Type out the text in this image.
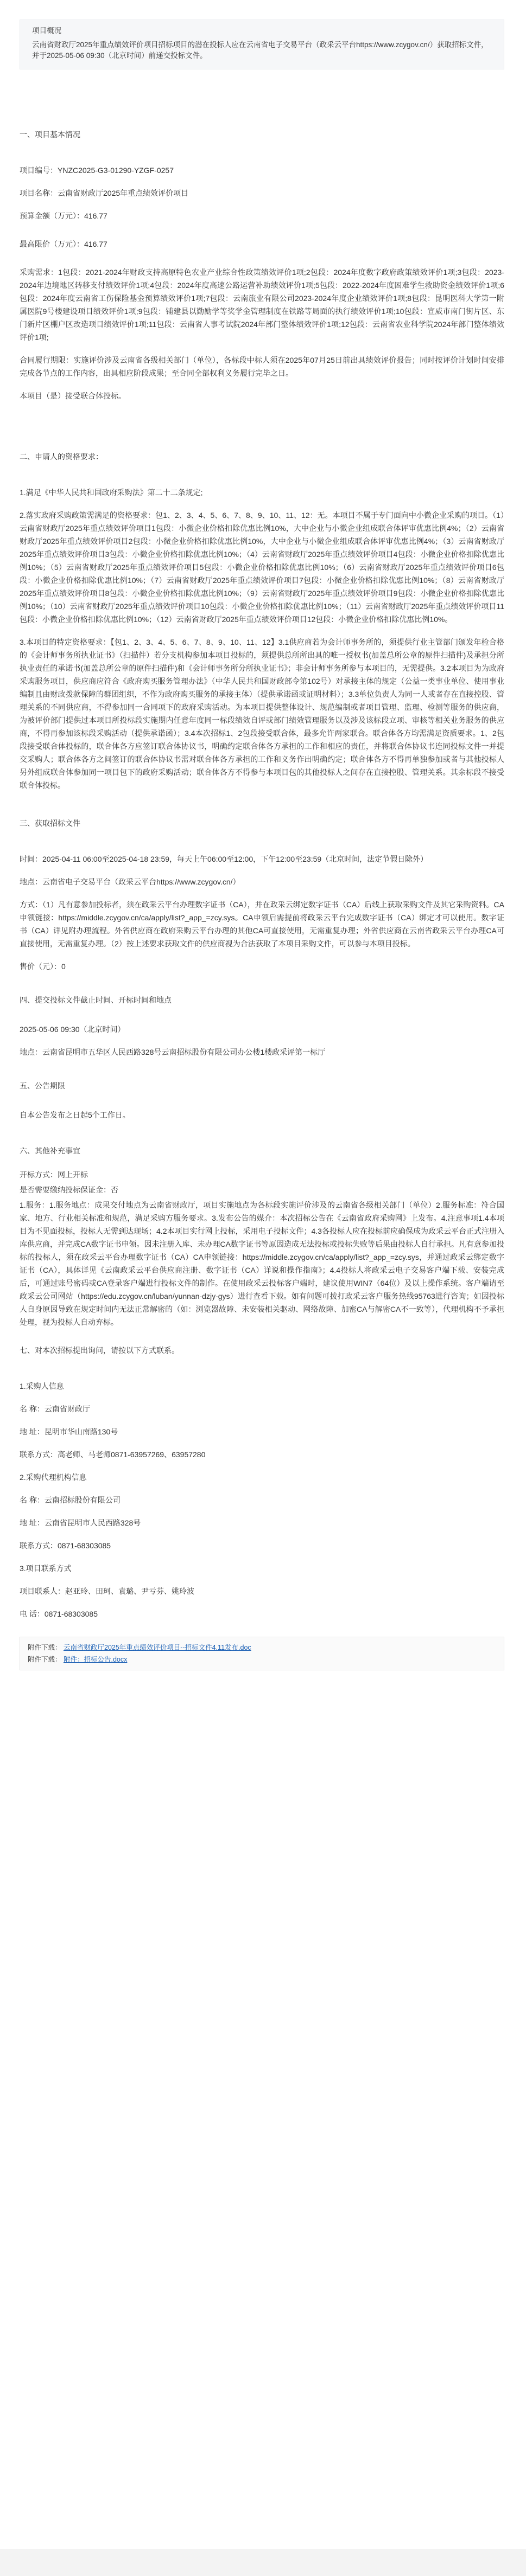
项目概况
云南省财政厅2025年重点绩效评价项目招标项目的潜在投标人应在云南省电子交易平台（政采云平台https://www.zcygov.cn/）获取招标文件，并于2025-05-06 09:30（北京时间）前递交投标文件。
一、项目基本情况

项目编号：YNZC2025-G3-01290-YZGF-0257

项目名称：云南省财政厅2025年重点绩效评价项目

预算金额（万元）：416.77

最高限价（万元）：416.77

采购需求：1包段：2021-2024年财政支持高原特色农业产业综合性政策绩效评价1项;2包段：2024年度数字政府政策绩效评价1项;3包段：2023-2024年边境地区转移支付绩效评价1项;4包段：2024年度高速公路运营补助绩效评价1项;5包段：2022-2024年度困难学生救助资金绩效评价1项;6包段：2024年度云南省工伤保险基金预算绩效评价1项;7包段：云南旅业有限公司2023-2024年度企业绩效评价1项;8包段：昆明医科大学第一附属医院9号楼建设项目绩效评价1项;9包段：铺建县以勤励学等奖学金管理制度在铁路等局面的执行绩效评价1项;10包段：宣威市南门街片区、东门新片区棚户区改造项目绩效评价1项;11包段：云南省人事考试院2024年部门整体绩效评价1项;12包段：云南省农业科学院2024年部门整体绩效评价1项;

合同履行期限：实施评价涉及云南省各级相关部门（单位），各标段中标人须在2025年07月25日前出具绩效评价报告；同时按评价计划时间安排完成各节点的工作内容，出具相应阶段成果；至合同全部权利义务履行完毕之日。

本项目（是）接受联合体投标。

二、申请人的资格要求：

1.满足《中华人民共和国政府采购法》第二十二条规定;

2.落实政府采购政策需满足的资格要求：包1、2、3、4、5、6、7、8、9、10、11、12：无。本项目不属于专门面向中小微企业采购的项目。（1）云南省财政厅2025年重点绩效评价项目1包段：小微企业价格扣除优惠比例10%，大中企业与小微企业组成联合体评审优惠比例4%；（2）云南省财政厅2025年重点绩效评价项目2包段：小微企业价格扣除优惠比例10%，大中企业与小微企业组成联合体评审优惠比例4%；（3）云南省财政厅2025年重点绩效评价项目3包段：小微企业价格扣除优惠比例10%；（4）云南省财政厅2025年重点绩效评价项目4包段：小微企业价格扣除优惠比例10%；（5）云南省财政厅2025年重点绩效评价项目5包段：小微企业价格扣除优惠比例10%；（6）云南省财政厅2025年重点绩效评价项目6包段：小微企业价格扣除优惠比例10%；（7）云南省财政厅2025年重点绩效评价项目7包段：小微企业价格扣除优惠比例10%；（8）云南省财政厅2025年重点绩效评价项目8包段：小微企业价格扣除优惠比例10%；（9）云南省财政厅2025年重点绩效评价项目9包段：小微企业价格扣除优惠比例10%；（10）云南省财政厅2025年重点绩效评价项目10包段：小微企业价格扣除优惠比例10%；（11）云南省财政厅2025年重点绩效评价项目11包段：小微企业价格扣除优惠比例10%；（12）云南省财政厅2025年重点绩效评价项目12包段：小微企业价格扣除优惠比例10%。

3.本项目的特定资格要求：【包1、2、3、4、5、6、7、8、9、10、11、12】3.1供应商若为会计师事务所的，须提供行业主管部门颁发年检合格的《会计师事务所执业证书》（扫描件）若分支机构参加本项目投标的，须提供总所所出具的唯一授权书(加盖总所公章的原件扫描件)及承担分所执业责任的承诺书(加盖总所公章的原件扫描件)和《会计师事务所分所执业证书》；非会计师事务所参与本项目的，无需提供。3.2本项目为为政府采购服务项目，供应商应符合《政府购买服务管理办法》（中华人民共和国财政部令第102号）对承接主体的规定（公益一类事业单位、使用事业编制且由财政拨款保障的群团组织，不作为政府购买服务的承接主体）（提供承诺函或证明材料）；3.3单位负责人为同一人或者存在直接控股、管理关系的不同供应商，不得参加同一合同项下的政府采购活动。为本项目提供整体设计、规范编制或者项目管理、监理、检测等服务的供应商，为被评价部门提供过本项目所投标段实施期内任意年度同一标段绩效自评或部门绩效管理服务以及涉及该标段立项、审核等相关业务服务的供应商，不得再参加该标段采购活动（提供承诺函）；3.4本次招标1、2包段接受联合体，最多允许两家联合。联合体各方均需满足资质要求。1、2包段接受联合体投标的，联合体各方应签订联合体协议书，明确约定联合体各方承担的工作和相应的责任，并将联合体协议书连同投标文件一并提交采购人；联合体各方之间签订的联合体协议书需对联合体各方承担的工作和义务作出明确约定；联合体各方不得再单独参加或者与其他投标人另外组成联合体参加同一项目包下的政府采购活动；联合体各方不得参与本项目包的其他投标人之间存在直接控股、管理关系。其余标段不接受联合体投标。

三、获取招标文件

时间：2025-04-11 06:00至2025-04-18 23:59，每天上午06:00至12:00，下午12:00至23:59（北京时间，法定节假日除外）

地点：云南省电子交易平台（政采云平台https://www.zcygov.cn/）

方式：（1）凡有意参加投标者，须在政采云平台办理数字证书（CA），并在政采云绑定数字证书（CA）后线上获取采购文件及其它采购资料。CA申领链接：https://middle.zcygov.cn/ca/apply/list?_app_=zcy.sys。CA申领后需提前将政采云平台完成数字证书（CA）绑定才可以使用。数字证书（CA）详见附办理流程。外省供应商在政府采购云平台办理的其他CA可直接使用，无需重复办理；外省供应商在云南省政采云平台办理CA可直接使用，无需重复办理。（2）按上述要求获取文件的供应商视为合法获取了本项目采购文件，可以参与本项目投标。

售价（元）：0

四、提交投标文件截止时间、开标时间和地点

2025-05-06 09:30（北京时间）

地点：云南省昆明市五华区人民西路328号云南招标股份有限公司办公楼1楼政采评第一标厅

五、公告期限

自本公告发布之日起5个工作日。

六、其他补充事宜

开标方式：网上开标

是否需要缴纳投标保证金：否

1.服务：1.服务地点：成果交付地点为云南省财政厅，项目实施地点为各标段实施评价涉及的云南省各级相关部门（单位）2.服务标准：符合国家、地方、行业相关标准和规范，满足采购方服务要求。3.发布公告的媒介：本次招标公告在《云南省政府采购网》上发布。4.注意事项1.4本项目为不见面投标，投标人无需到达现场；4.2本项目实行网上投标，采用电子投标文件；4.3各投标人应在投标前应确保成为政采云平台正式注册入库供应商，并完成CA数字证书申领。因未注册入库、未办理CA数字证书等原因造成无法投标或投标失败等后果由投标人自行承担。凡有意参加投标的投标人，须在政采云平台办理数字证书（CA）CA申领链接：https://middle.zcygov.cn/ca/apply/list?_app_=zcy.sys，并通过政采云绑定数字证书（CA），具体详见《云南政采云平台供应商注册、数字证书（CA）详说和操作指南》；4.4投标人将政采云电子交易客户端下载、安装完成后，可通过账号密码或CA登录客户端进行投标文件的制作。在使用政采云投标客户端时，建议使用WIN7（64位）及以上操作系统。客户端请至政采云公司网站（https://edu.zcygov.cn/luban/yunnan-dzjy-gys）进行查看下载。如有问题可拨打政采云客户服务热线95763进行咨询；如因投标人自身原因导致在规定时间内无法正常解密的（如：浏览器故障、未安装相关驱动、网络故障、加密CA与解密CA不一致等），代理机构不予承担处理，视为投标人自动弃标。

七、对本次招标提出询问，请按以下方式联系。

1.采购人信息

名 称：云南省财政厅

地 址：昆明市华山南路130号

联系方式：高老师、马老师0871-63957269、63957280

2.采购代理机构信息

名 称：云南招标股份有限公司

地 址：云南省昆明市人民西路328号

联系方式：0871-68303085

3.项目联系方式

项目联系人：赵亚玲、田珂、袁璐、尹亏芬、姚玲波

电 话：0871-68303085

附件下载： 云南省财政厅2025年重点绩效评价项目--招标文件4.11发布.doc
附件下载： 附件：招标公告.docx
